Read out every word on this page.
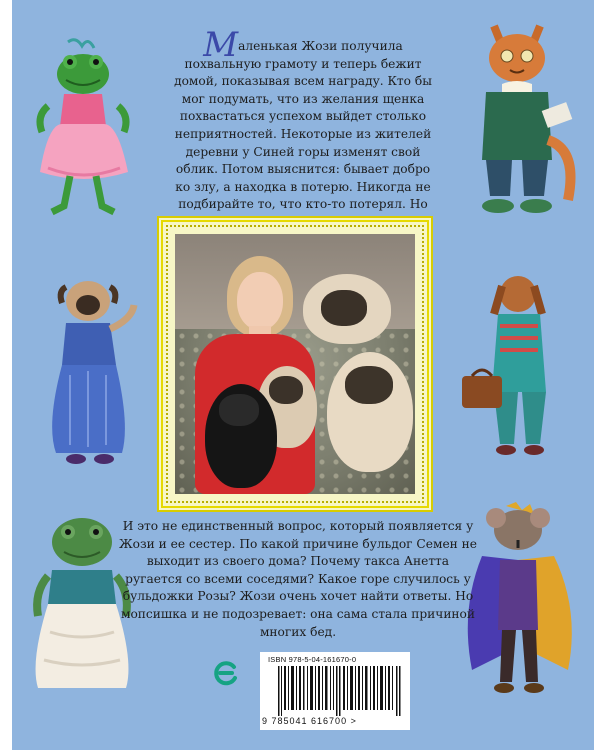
Маленькая Жози получила похвальную грамоту и теперь бежит домой, показывая всем награду. Кто бы мог подумать, что из желания щенка похвастаться успехом выйдет столько неприятностей. Некоторые из жителей деревни у Синей горы изменят свой облик. Потом выяснится: бывает добро ко злу, а находка в потерю. Никогда не подбирайте то, что кто-то потерял. Но
И это не единственный вопрос, который появляется у Жози и ее сестер. По какой причине бульдог Семен не выходит из своего дома? Почему такса Анетта ругается со всеми соседями? Какое горе случилось у бульдожки Розы? Жози очень хочет найти ответы. Но мопсишка и не подозревает: она сама стала причиной многих бед.
ISBN 978-5-04-161670-0
9 785041 616700 >
